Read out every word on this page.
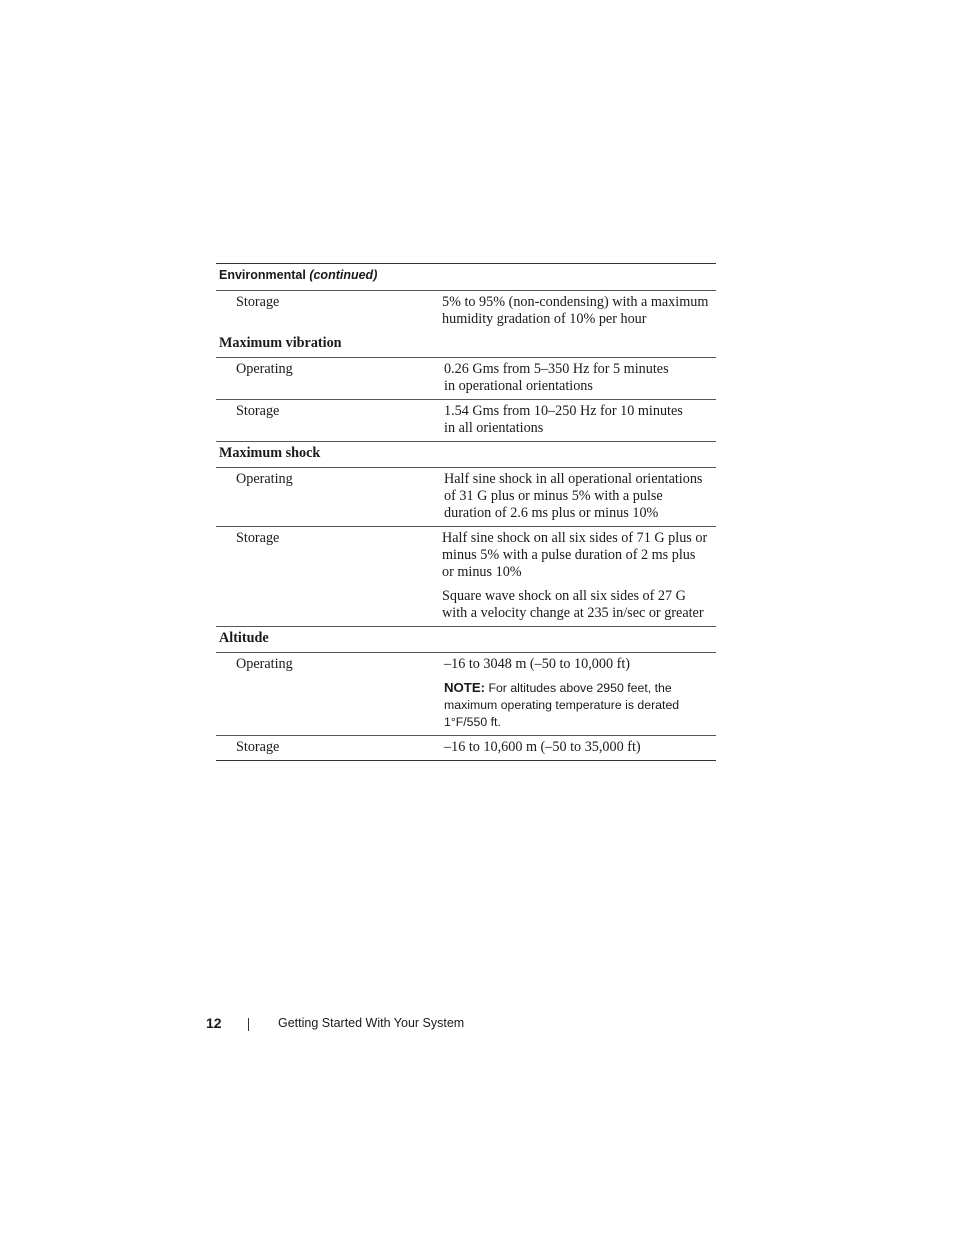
Environmental (continued)
Storage	5% to 95% (non-condensing) with a maximum humidity gradation of 10% per hour

Maximum vibration
Operating	0.26 Gms from 5–350 Hz for 5 minutes
in operational orientations

Storage	1.54 Gms from 10–250 Hz for 10 minutes
in all orientations

Maximum shock
Operating	Half sine shock in all operational orientations of 31 G plus or minus 5% with a pulse duration of 2.6 ms plus or minus 10%

Storage	Half sine shock on all six sides of 71 G plus or minus 5% with a pulse duration of 2 ms plus or minus 10%

Square wave shock on all six sides of 27 G with a velocity change at 235 in/sec or greater

Altitude
Operating	–16 to 3048 m (–50 to 10,000 ft)

NOTE: For altitudes above 2950 feet, the maximum operating temperature is derated 1°F/550 ft.

Storage	–16 to 10,600 m (–50 to 35,000 ft)

12	Getting Started With Your System
